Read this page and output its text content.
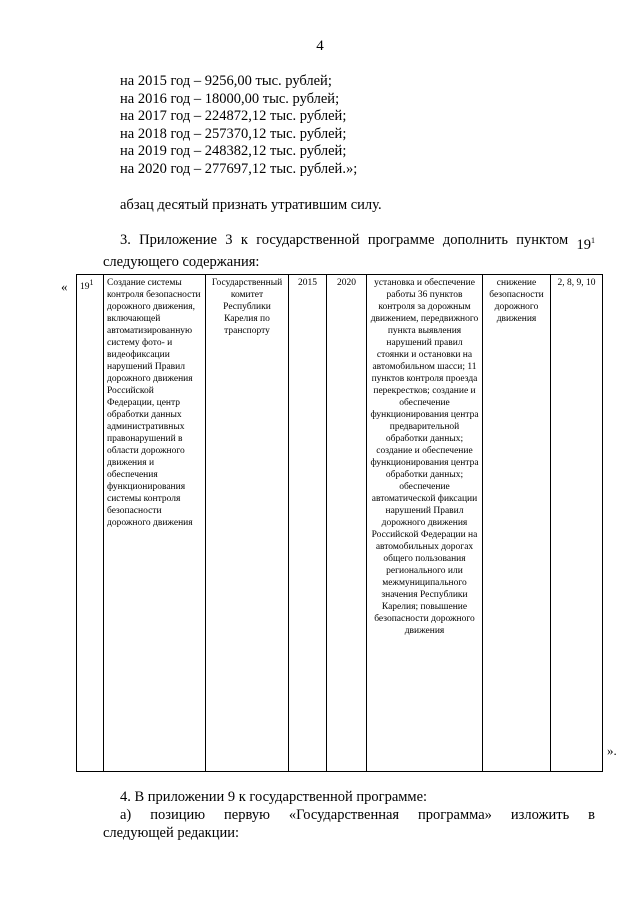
4
на 2015 год – 9256,00 тыс. рублей;
на 2016 год – 18000,00 тыс. рублей;
на 2017 год – 224872,12 тыс. рублей;
на 2018 год – 257370,12 тыс. рублей;
на 2019 год – 248382,12 тыс. рублей;
на 2020 год – 277697,12 тыс. рублей.»;
абзац десятый признать утратившим силу.
3. Приложение 3 к государственной программе дополнить пунктом $19^1$
следующего содержания:
« $19^1$	Создание системы контроля безопасности дорожного движения, включающей автоматизированную систему фото- и видеофиксации нарушений Правил дорожного движения Российской Федерации, центр обработки данных административных правонарушений в области дорожного движения и обеспечения функционирования системы контроля безопасности дорожного движения	Государственный комитет Республики Карелия по транспорту	2015	2020	установка и обеспечение работы 36 пунктов контроля за дорожным движением, передвижного пункта выявления нарушений правил стоянки и остановки на автомобильном шасси; 11 пунктов контроля проезда перекрестков; создание и обеспечение функционирования центра предварительной обработки данных; создание и обеспечение функционирования центра обработки данных; обеспечение автоматической фиксации нарушений Правил дорожного движения Российской Федерации на автомобильных дорогах общего пользования регионального или межмуниципального значения Республики Карелия; повышение безопасности дорожного движения	снижение безопасности дорожного движения	2, 8, 9, 10
».
4. В приложении 9 к государственной программе:
а) позицию первую «Государственная программа» изложить в
следующей редакции:
